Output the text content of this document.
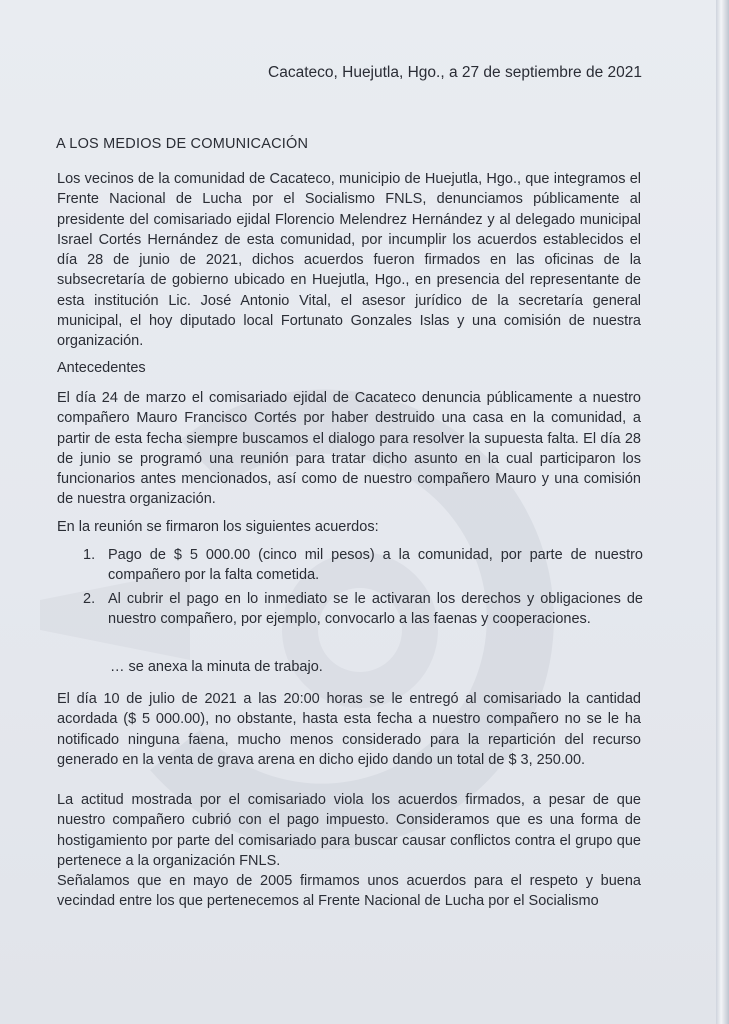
Cacateco, Huejutla, Hgo., a 27 de septiembre de 2021
A LOS MEDIOS DE COMUNICACIÓN

Los vecinos de la comunidad de Cacateco, municipio de Huejutla, Hgo., que integramos el Frente Nacional de Lucha por el Socialismo FNLS, denunciamos públicamente al presidente del comisariado ejidal Florencio Melendrez Hernández y al delegado municipal Israel Cortés Hernández de esta comunidad, por incumplir los acuerdos establecidos el día 28 de junio de 2021, dichos acuerdos fueron firmados en las oficinas de la subsecretaría de gobierno ubicado en Huejutla, Hgo., en presencia del representante de esta institución Lic. José Antonio Vital, el asesor jurídico de la secretaría general municipal, el hoy diputado local Fortunato Gonzales Islas y una comisión de nuestra organización.

Antecedentes

El día 24 de marzo el comisariado ejidal de Cacateco denuncia públicamente a nuestro compañero Mauro Francisco Cortés por haber destruido una casa en la comunidad, a partir de esta fecha siempre buscamos el dialogo para resolver la supuesta falta. El día 28 de junio se programó una reunión para tratar dicho asunto en la cual participaron los funcionarios antes mencionados, así como de nuestro compañero Mauro y una comisión de nuestra organización.

En la reunión se firmaron los siguientes acuerdos:
1. Pago de $ 5 000.00 (cinco mil pesos) a la comunidad, por parte de nuestro compañero por la falta cometida.
2. Al cubrir el pago en lo inmediato se le activaran los derechos y obligaciones de nuestro compañero, por ejemplo, convocarlo a las faenas y cooperaciones.
… se anexa la minuta de trabajo.

El día 10 de julio de 2021 a las 20:00 horas se le entregó al comisariado la cantidad acordada ($ 5 000.00), no obstante, hasta esta fecha a nuestro compañero no se le ha notificado ninguna faena, mucho menos considerado para la repartición del recurso generado en la venta de grava arena en dicho ejido dando un total de $ 3, 250.00.

La actitud mostrada por el comisariado viola los acuerdos firmados, a pesar de que nuestro compañero cubrió con el pago impuesto. Consideramos que es una forma de hostigamiento por parte del comisariado para buscar causar conflictos contra el grupo que pertenece a la organización FNLS.

Señalamos que en mayo de 2005 firmamos unos acuerdos para el respeto y buena vecindad entre los que pertenecemos al Frente Nacional de Lucha por el Socialismo
